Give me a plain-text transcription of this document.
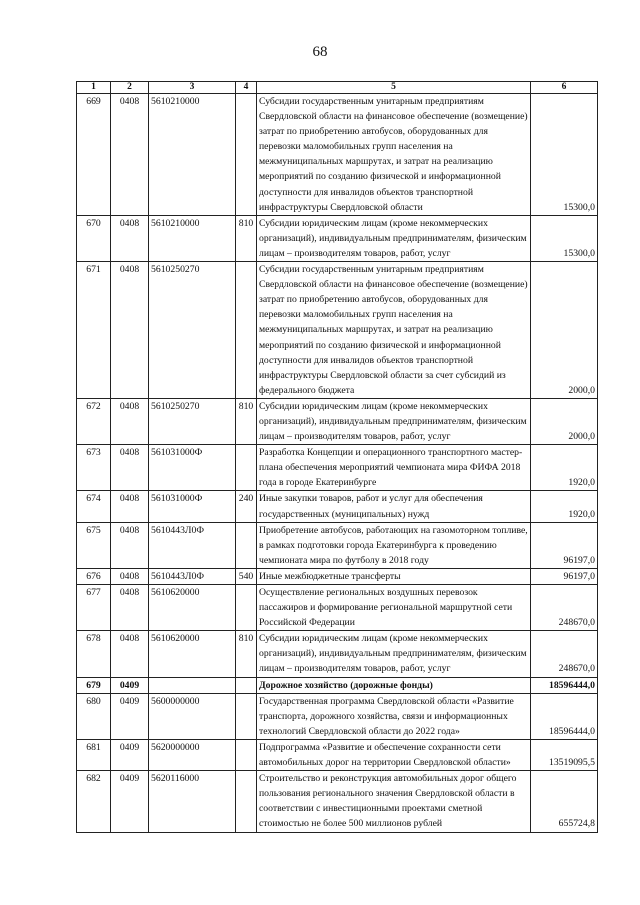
68
1	2	3	4	5	6
669	0408	5610210000		Субсидии государственным унитарным предприятиям Свердловской области на финансовое обеспечение (возмещение) затрат по приобретению автобусов, оборудованных для перевозки маломобильных групп населения на межмуниципальных маршрутах, и затрат на реализацию мероприятий по созданию физической и информационной доступности для инвалидов объектов транспортной инфраструктуры Свердловской области	15300,0
670	0408	5610210000	810	Субсидии юридическим лицам (кроме некоммерческих организаций), индивидуальным предпринимателям, физическим лицам – производителям товаров, работ, услуг	15300,0
671	0408	5610250270		Субсидии государственным унитарным предприятиям Свердловской области на финансовое обеспечение (возмещение) затрат по приобретению автобусов, оборудованных для перевозки маломобильных групп населения на межмуниципальных маршрутах, и затрат на реализацию мероприятий по созданию физической и информационной доступности для инвалидов объектов транспортной инфраструктуры Свердловской области за счет субсидий из федерального бюджета	2000,0
672	0408	5610250270	810	Субсидии юридическим лицам (кроме некоммерческих организаций), индивидуальным предпринимателям, физическим лицам – производителям товаров, работ, услуг	2000,0
673	0408	561031000Ф		Разработка Концепции и операционного транспортного мастер-плана обеспечения мероприятий чемпионата мира ФИФА 2018 года в городе Екатеринбурге	1920,0
674	0408	561031000Ф	240	Иные закупки товаров, работ и услуг для обеспечения государственных (муниципальных) нужд	1920,0
675	0408	5610443Л0Ф		Приобретение автобусов, работающих на газомоторном топливе, в рамках подготовки города Екатеринбурга к проведению чемпионата мира по футболу в 2018 году	96197,0
676	0408	5610443Л0Ф	540	Иные межбюджетные трансферты	96197,0
677	0408	5610620000		Осуществление региональных воздушных перевозок пассажиров и формирование региональной маршрутной сети Российской Федерации	248670,0
678	0408	5610620000	810	Субсидии юридическим лицам (кроме некоммерческих организаций), индивидуальным предпринимателям, физическим лицам – производителям товаров, работ, услуг	248670,0
679	0409			Дорожное хозяйство (дорожные фонды)	18596444,0
680	0409	5600000000		Государственная программа Свердловской области «Развитие транспорта, дорожного хозяйства, связи и информационных технологий Свердловской области до 2022 года»	18596444,0
681	0409	5620000000		Подпрограмма «Развитие и обеспечение сохранности сети автомобильных дорог на территории Свердловской области»	13519095,5
682	0409	5620116000		Строительство и реконструкция автомобильных дорог общего пользования регионального значения Свердловской области в соответствии с инвестиционными проектами сметной стоимостью не более 500 миллионов рублей	655724,8
